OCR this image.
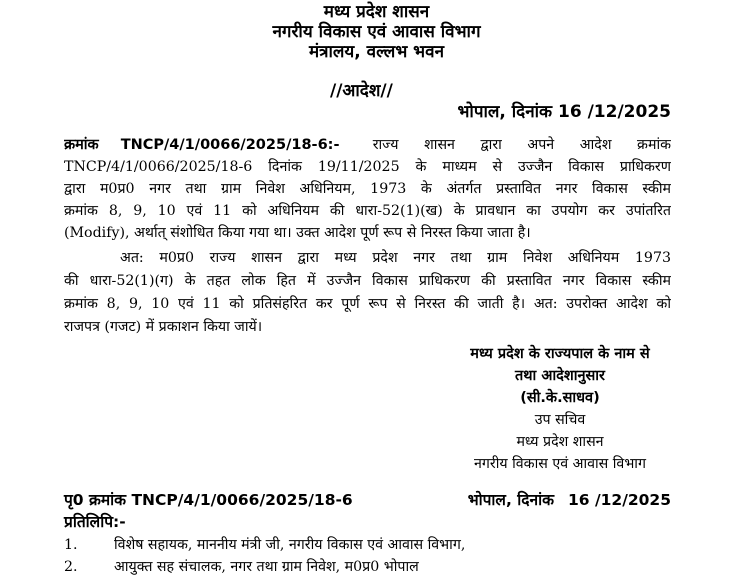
मध्य प्रदेश शासन
नगरीय विकास एवं आवास विभाग
मंत्रालय, वल्लभ भवन
//आदेश//
भोपाल, दिनांक 16 /12/2025
क्रमांक TNCP/4/1/0066/2025/18-6:- राज्य शासन द्वारा अपने आदेश क्रमांक
TNCP/4/1/0066/2025/18-6 दिनांक 19/11/2025 के माध्यम से उज्जैन विकास प्राधिकरण
द्वारा म0प्र0 नगर तथा ग्राम निवेश अधिनियम, 1973 के अंतर्गत प्रस्तावित नगर विकास स्कीम
क्रमांक 8, 9, 10 एवं 11 को अधिनियम की धारा-52(1)(ख) के प्रावधान का उपयोग कर उपांतरित
(Modify), अर्थात् संशोधित किया गया था। उक्त आदेश पूर्ण रूप से निरस्त किया जाता है।
अत: म0प्र0 राज्य शासन द्वारा मध्य प्रदेश नगर तथा ग्राम निवेश अधिनियम 1973
की धारा-52(1)(ग) के तहत लोक हित में उज्जैन विकास प्राधिकरण की प्रस्तावित नगर विकास स्कीम
क्रमांक 8, 9, 10 एवं 11 को प्रतिसंहरित कर पूर्ण रूप से निरस्त की जाती है। अत: उपरोक्त आदेश को
राजपत्र (गजट) में प्रकाशन किया जायें।
मध्य प्रदेश के राज्यपाल के नाम से
तथा आदेशानुसार
(सी.के.साधव)
उप सचिव
मध्य प्रदेश शासन
नगरीय विकास एवं आवास विभाग
पृ0 क्रमांक TNCP/4/1/0066/2025/18-6	भोपाल, दिनांक 16 /12/2025
प्रतिलिपि:-
1.	विशेष सहायक, माननीय मंत्री जी, नगरीय विकास एवं आवास विभाग,
2.	आयुक्त सह संचालक, नगर तथा ग्राम निवेश, म0प्र0 भोपाल
